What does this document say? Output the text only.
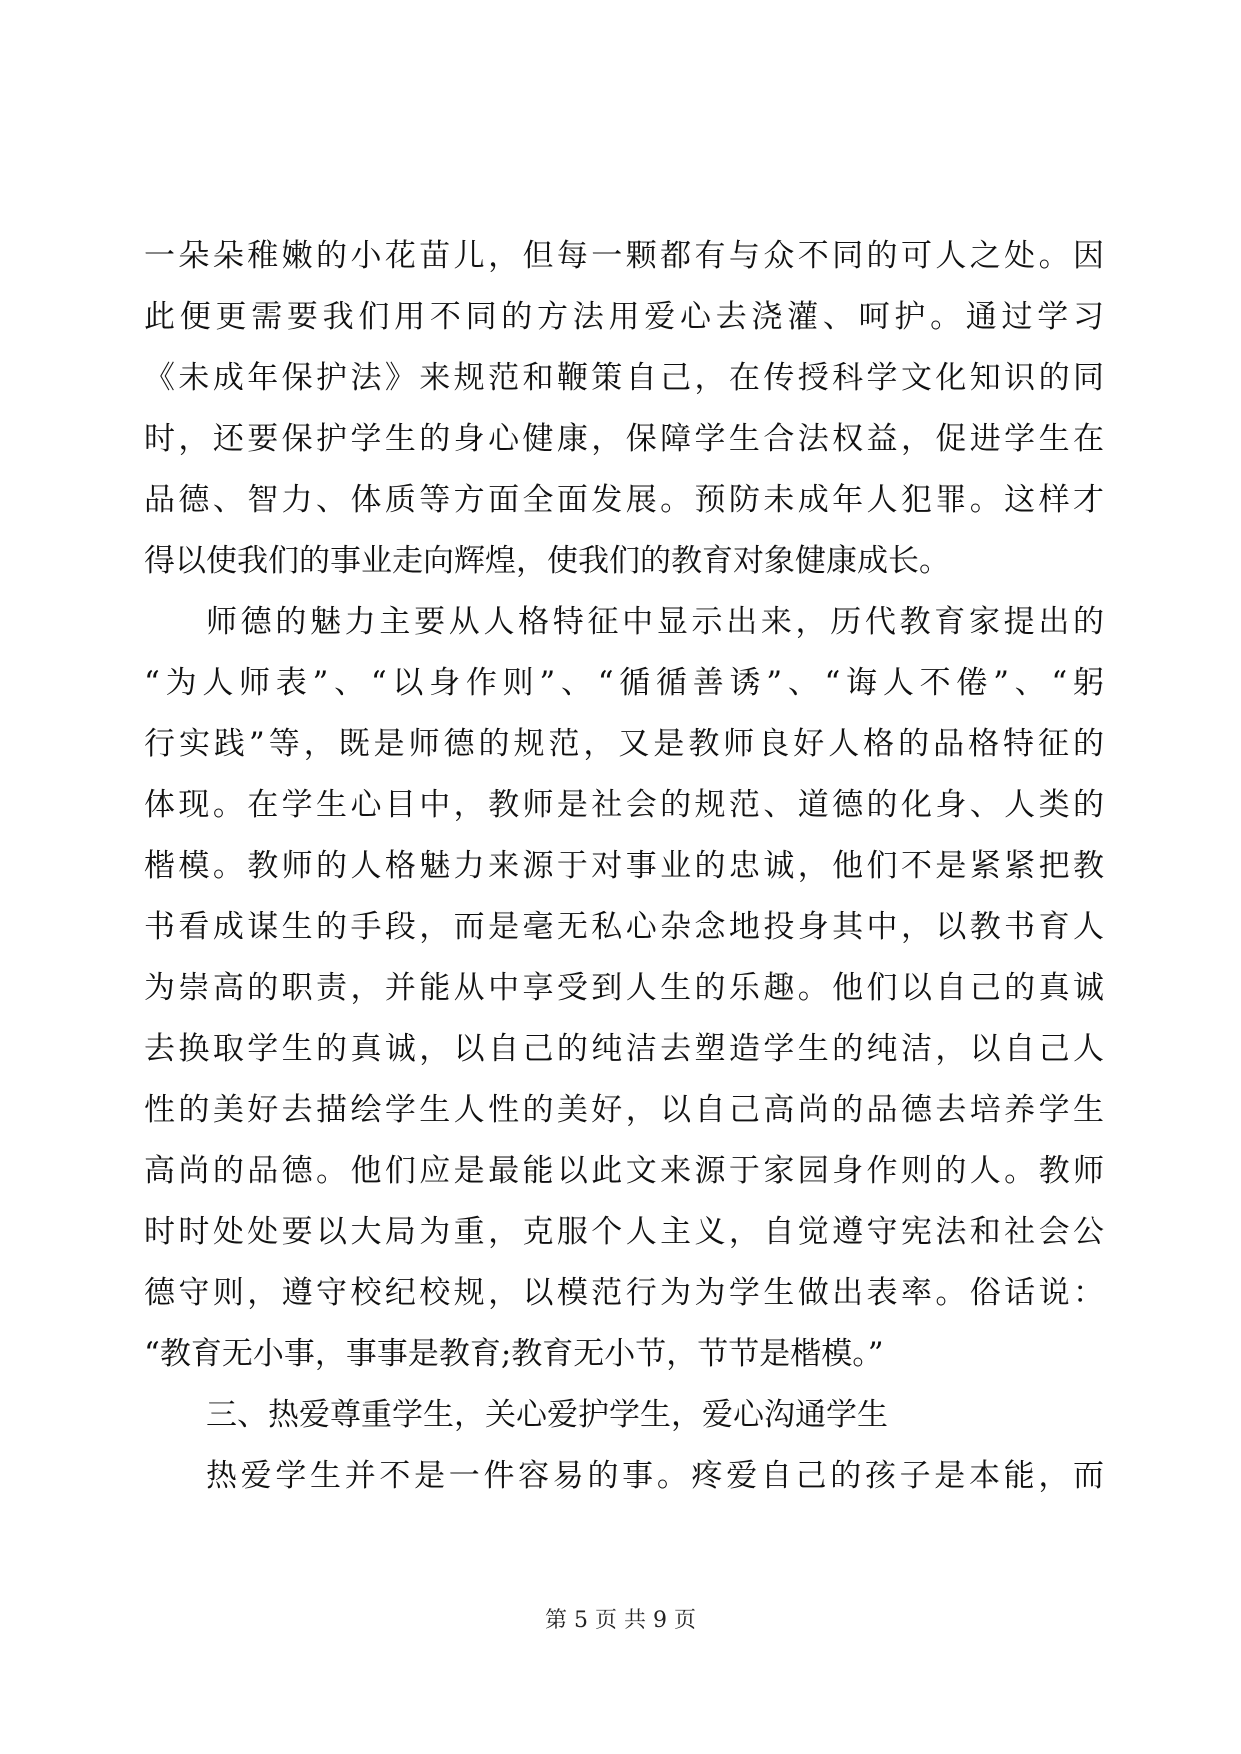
一朵朵稚嫩的小花苗儿，但每一颗都有与众不同的可人之处。因
此便更需要我们用不同的方法用爱心去浇灌、呵护。通过学习
《未成年保护法》来规范和鞭策自己，在传授科学文化知识的同
时，还要保护学生的身心健康，保障学生合法权益，促进学生在
品德、智力、体质等方面全面发展。预防未成年人犯罪。这样才
得以使我们的事业走向辉煌，使我们的教育对象健康成长。
师德的魅力主要从人格特征中显示出来，历代教育家提出的
“为人师表”、“以身作则”、“循循善诱”、“诲人不倦”、“躬
行实践”等，既是师德的规范，又是教师良好人格的品格特征的
体现。在学生心目中，教师是社会的规范、道德的化身、人类的
楷模。教师的人格魅力来源于对事业的忠诚，他们不是紧紧把教
书看成谋生的手段，而是毫无私心杂念地投身其中，以教书育人
为崇高的职责，并能从中享受到人生的乐趣。他们以自己的真诚
去换取学生的真诚，以自己的纯洁去塑造学生的纯洁，以自己人
性的美好去描绘学生人性的美好，以自己高尚的品德去培养学生
高尚的品德。他们应是最能以此文来源于家园身作则的人。教师
时时处处要以大局为重，克服个人主义，自觉遵守宪法和社会公
德守则，遵守校纪校规，以模范行为为学生做出表率。俗话说：
“教育无小事，事事是教育;教育无小节，节节是楷模。”
三、热爱尊重学生，关心爱护学生，爱心沟通学生
热爱学生并不是一件容易的事。疼爱自己的孩子是本能，而
第 5 页 共 9 页
